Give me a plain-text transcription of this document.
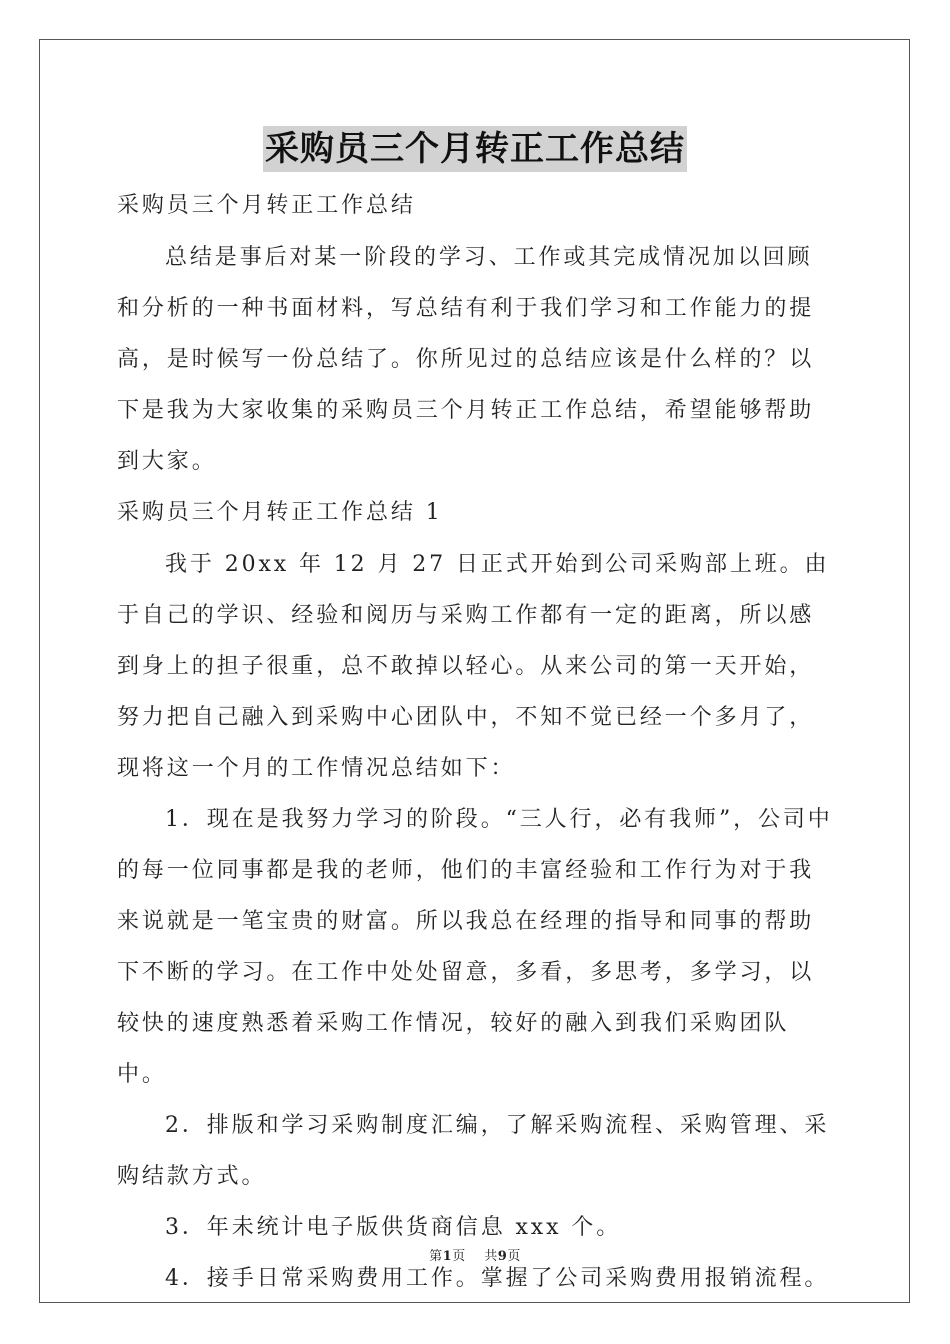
采购员三个月转正工作总结

采购员三个月转正工作总结

总结是事后对某一阶段的学习、工作或其完成情况加以回顾和分析的一种书面材料，写总结有利于我们学习和工作能力的提高，是时候写一份总结了。你所见过的总结应该是什么样的？以下是我为大家收集的采购员三个月转正工作总结，希望能够帮助到大家。

采购员三个月转正工作总结 1

我于 20xx 年 12 月 27 日正式开始到公司采购部上班。由于自己的学识、经验和阅历与采购工作都有一定的距离，所以感到身上的担子很重，总不敢掉以轻心。从来公司的第一天开始，努力把自己融入到采购中心团队中，不知不觉已经一个多月了，现将这一个月的工作情况总结如下：

1．现在是我努力学习的阶段。“三人行，必有我师”，公司中的每一位同事都是我的老师，他们的丰富经验和工作行为对于我来说就是一笔宝贵的财富。所以我总在经理的指导和同事的帮助下不断的学习。在工作中处处留意，多看，多思考，多学习，以较快的速度熟悉着采购工作情况，较好的融入到我们采购团队中。

2．排版和学习采购制度汇编，了解采购流程、采购管理、采购结款方式。

3．年未统计电子版供货商信息 xxx 个。

4．接手日常采购费用工作。掌握了公司采购费用报销流程。

第1页 共9页
